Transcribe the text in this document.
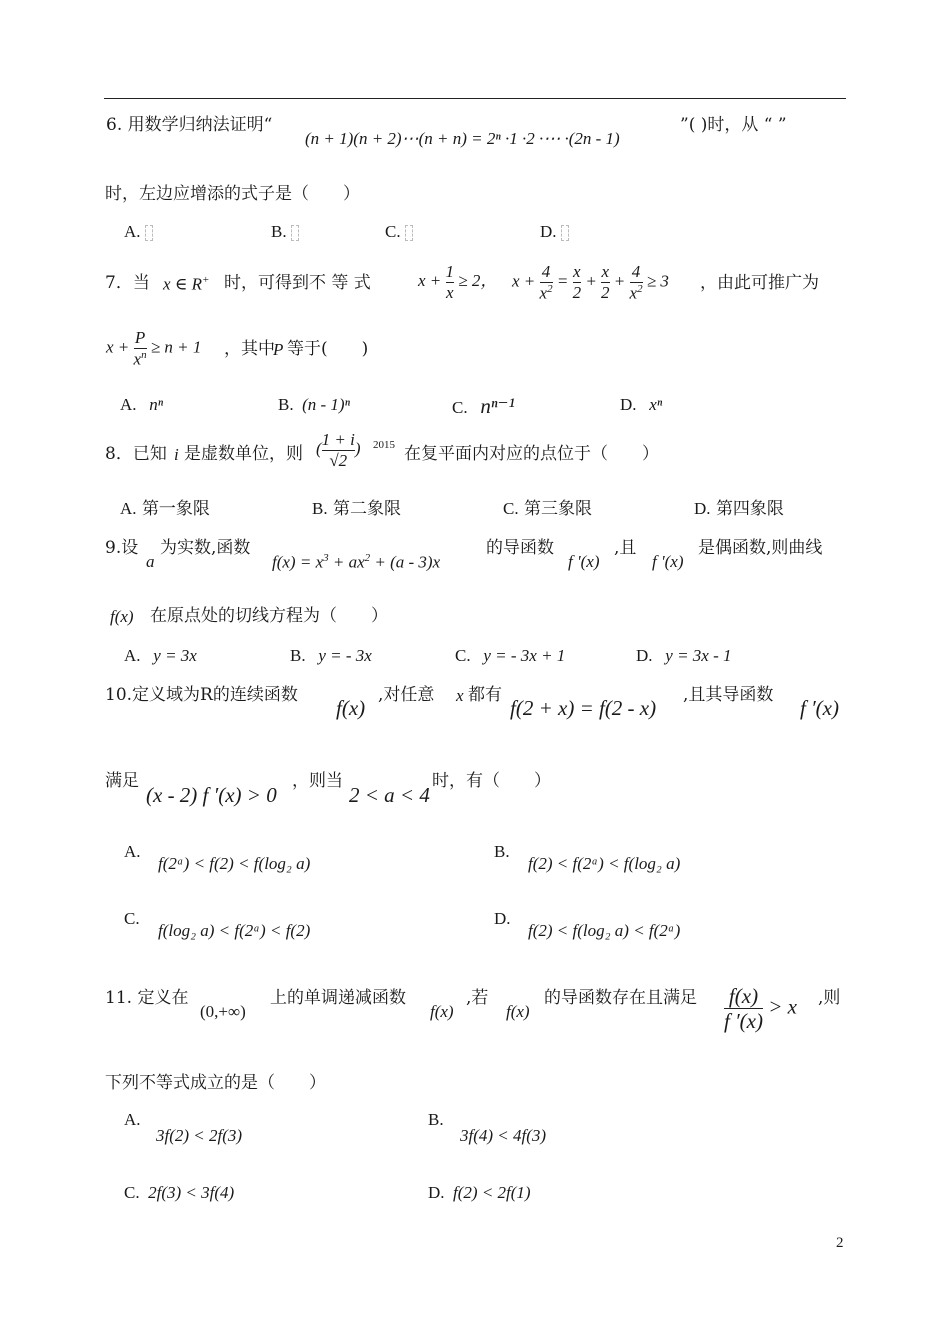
6. 用数学归纳法证明“
(n + 1)(n + 2)⋯(n + n) = 2ⁿ ·1 ·2 ·⋯ ·(2n - 1)
”( )时，从 “ ”
时，左边应增添的式子是（　　）
A.	B.	C.	D.
7．当 x ∈ R+ 时，可得到不 等 式	$x + \frac{1}{x} \ge 2$， $x + \frac{4}{x^2} = \frac{x}{2} + \frac{x}{2} + \frac{4}{x^2} \ge 3$ ，由此可推广为
$x + \frac{P}{x^n} \ge n + 1$ ，其中
P 等于(　　)
A. nⁿ	B. (n - 1)ⁿ	C. nⁿ⁻¹	D. xⁿ
8．已知 i 是虚数单位，则 ( $\frac{1 + i}{√2}$ ) 2015 在复平面内对应的点位于（　　）
A. 第一象限	B. 第二象限	C. 第三象限	D. 第四象限
9.设
a
为实数,函数
$f(x) = x^3 + ax^2 + (a - 3)x$
的导函数
f '(x)
,且
f '(x)
是偶函数,则曲线
f(x) 在原点处的切线方程为（　　）
A. y = 3x	B. y = - 3x	C. y = - 3x + 1	D. y = 3x - 1
10.定义域为R的连续函数
f(x)
,对任意 x 都有
f(2 + x) = f(2 - x)
,且其导函数
f ′(x)
满足
(x - 2) f ′(x) > 0
，则当
2 < a < 4
时，有（　　）
A.
f(2ᵃ) < f(2) < f(log₂ a)
B.
f(2) < f(2ᵃ) < f(log₂ a)
C.
f(log₂ a) < f(2ᵃ) < f(2)
D.
f(2) < f(log₂ a) < f(2ᵃ)
11. 定义在
(0,+∞)
上的单调递减函数
f(x)
,若
f(x)
的导函数存在且满足 $\frac{f(x)}{f '(x)} > x$ ,则
下列不等式成立的是（　　）
A.
3f(2) < 2f(3)
B.
3f(4) < 4f(3)
C. 2f(3) < 3f(4)	D. f(2) < 2f(1)
2
